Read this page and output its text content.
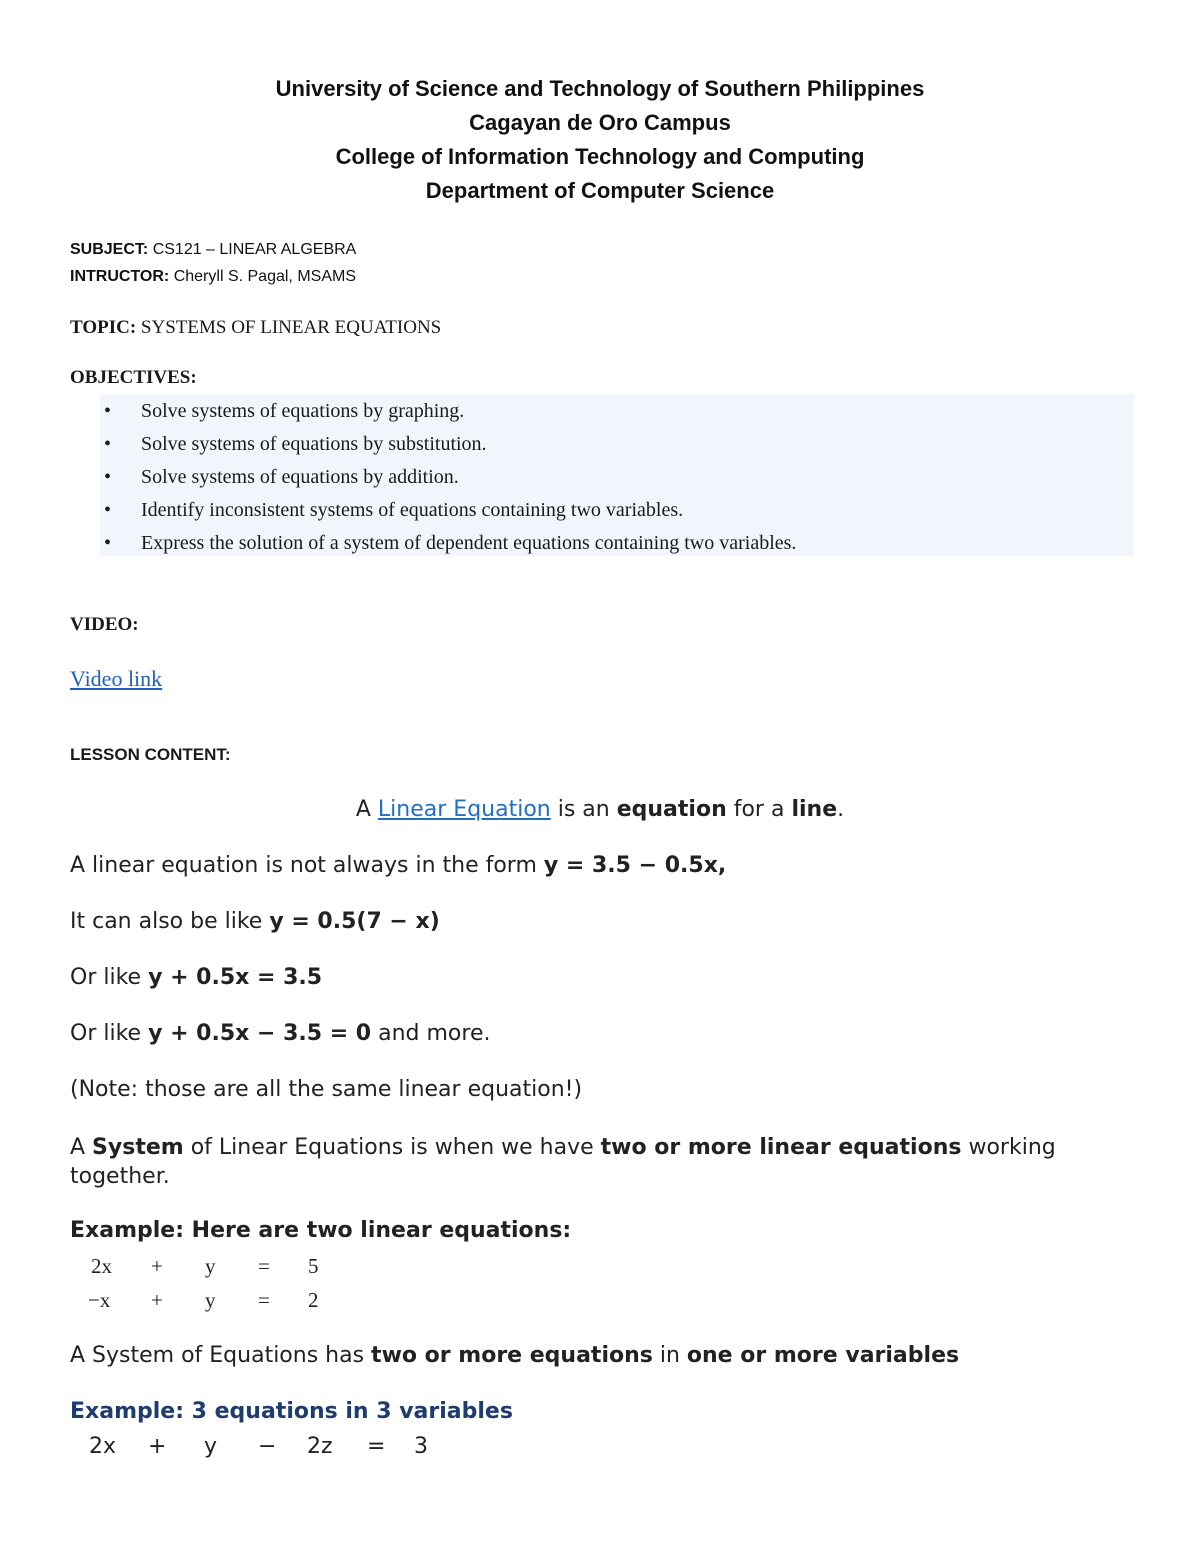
University of Science and Technology of Southern Philippines
Cagayan de Oro Campus
College of Information Technology and Computing
Department of Computer Science
SUBJECT: CS121 – LINEAR ALGEBRA
INTRUCTOR: Cheryll S. Pagal, MSAMS
TOPIC: SYSTEMS OF LINEAR EQUATIONS
OBJECTIVES:
• Solve systems of equations by graphing.
• Solve systems of equations by substitution.
• Solve systems of equations by addition.
• Identify inconsistent systems of equations containing two variables.
• Express the solution of a system of dependent equations containing two variables.
VIDEO:
Video link
LESSON CONTENT:
A Linear Equation is an equation for a line.
A linear equation is not always in the form y = 3.5 − 0.5x,
It can also be like y = 0.5(7 − x)
Or like y + 0.5x = 3.5
Or like y + 0.5x − 3.5 = 0 and more.
(Note: those are all the same linear equation!)
A System of Linear Equations is when we have two or more linear equations working
together.
Example: Here are two linear equations:
2x + y = 5
−x + y = 2
A System of Equations has two or more equations in one or more variables
Example: 3 equations in 3 variables
2x + y − 2z = 3
